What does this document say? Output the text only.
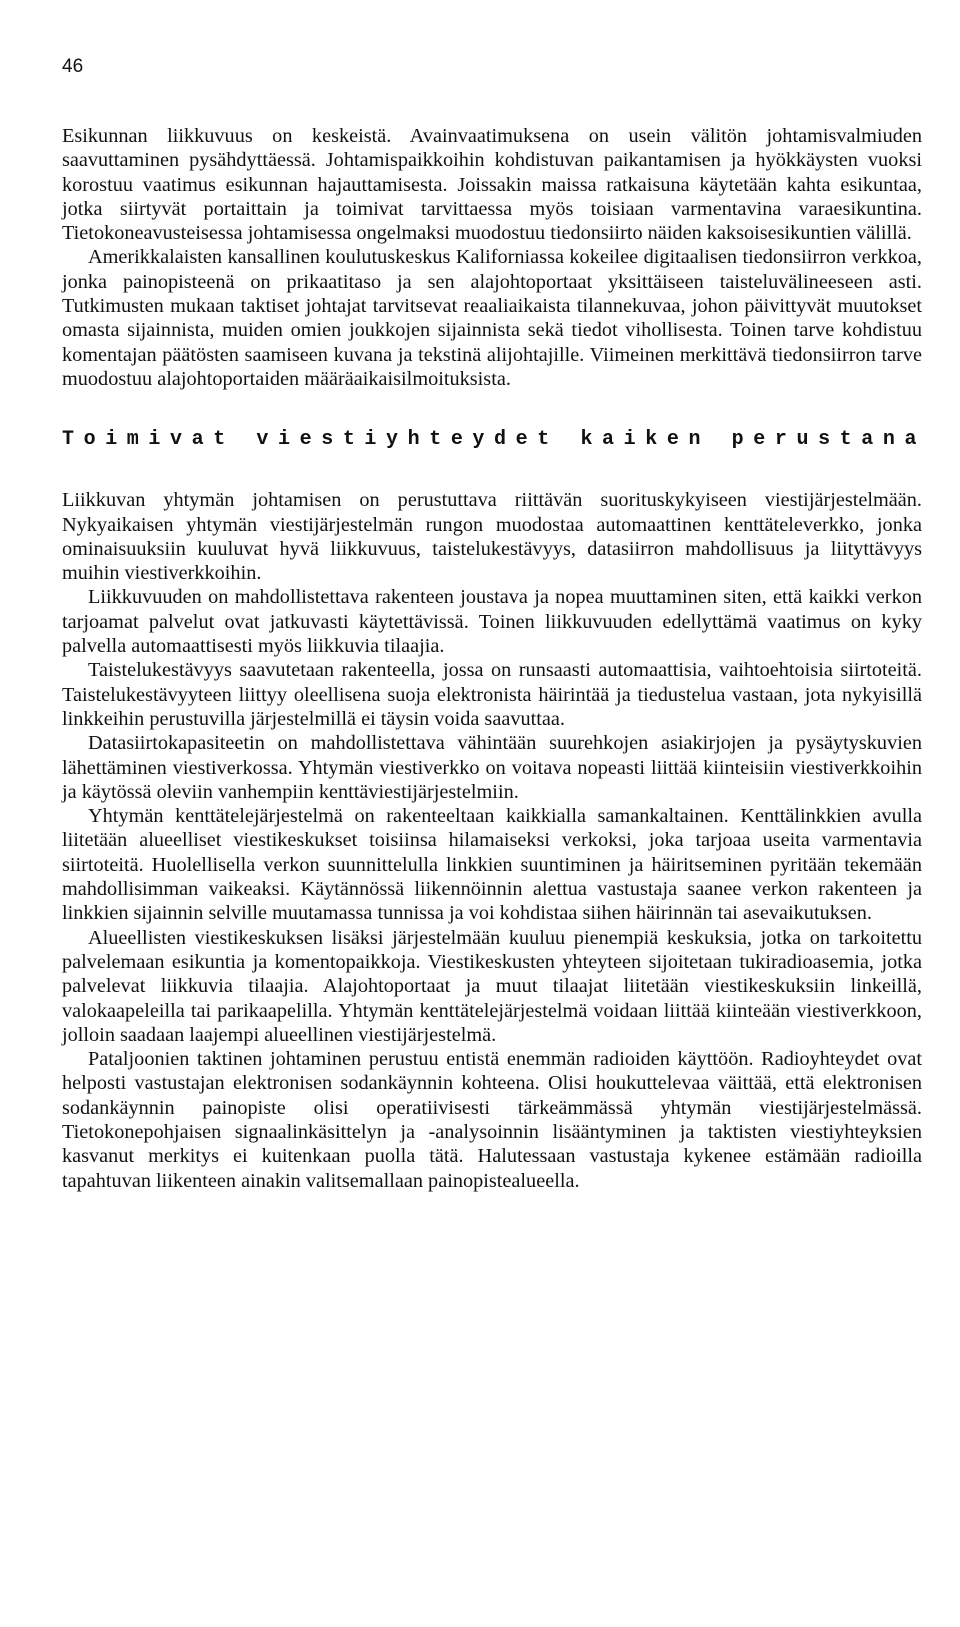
46

Esikunnan liikkuvuus on keskeistä. Avainvaatimuksena on usein välitön johtamisvalmiuden saavuttaminen pysähdyttäessä. Johtamispaikkoihin kohdistuvan paikantamisen ja hyökkäysten vuoksi korostuu vaatimus esikunnan hajauttamisesta. Joissakin maissa ratkaisuna käytetään kahta esikuntaa, jotka siirtyvät portaittain ja toimivat tarvittaessa myös toisiaan varmentavina varaesikuntina. Tietokoneavusteisessa johtamisessa ongelmaksi muodostuu tiedonsiirto näiden kaksoisesikuntien välillä.

Amerikkalaisten kansallinen koulutuskeskus Kaliforniassa kokeilee digitaalisen tiedonsiirron verkkoa, jonka painopisteenä on prikaatitaso ja sen alajohtoportaat yksittäiseen taisteluvälineeseen asti. Tutkimusten mukaan taktiset johtajat tarvitsevat reaaliaikaista tilannekuvaa, johon päivittyvät muutokset omasta sijainnista, muiden omien joukkojen sijainnista sekä tiedot vihollisesta. Toinen tarve kohdistuu komentajan päätösten saamiseen kuvana ja tekstinä alijohtajille. Viimeinen merkittävä tiedonsiirron tarve muodostuu alajohtoportaiden määräaikaisilmoituksista.

Toimivat viestiyhteydet kaiken perustana

Liikkuvan yhtymän johtamisen on perustuttava riittävän suorituskykyiseen viestijärjestelmään. Nykyaikaisen yhtymän viestijärjestelmän rungon muodostaa automaattinen kenttäteleverkko, jonka ominaisuuksiin kuuluvat hyvä liikkuvuus, taistelukestävyys, datasiirron mahdollisuus ja liityttävyys muihin viestiverkkoihin.

Liikkuvuuden on mahdollistettava rakenteen joustava ja nopea muuttaminen siten, että kaikki verkon tarjoamat palvelut ovat jatkuvasti käytettävissä. Toinen liikkuvuuden edellyttämä vaatimus on kyky palvella automaattisesti myös liikkuvia tilaajia.

Taistelukestävyys saavutetaan rakenteella, jossa on runsaasti automaattisia, vaihtoehtoisia siirtoteitä. Taistelukestävyyteen liittyy oleellisena suoja elektronista häirintää ja tiedustelua vastaan, jota nykyisillä linkkeihin perustuvilla järjestelmillä ei täysin voida saavuttaa.

Datasiirtokapasiteetin on mahdollistettava vähintään suurehkojen asiakirjojen ja pysäytyskuvien lähettäminen viestiverkossa. Yhtymän viestiverkko on voitava nopeasti liittää kiinteisiin viestiverkkoihin ja käytössä oleviin vanhempiin kenttäviestijärjestelmiin.

Yhtymän kenttätelejärjestelmä on rakenteeltaan kaikkialla samankaltainen. Kenttälinkkien avulla liitetään alueelliset viestikeskukset toisiinsa hilamaiseksi verkoksi, joka tarjoaa useita varmentavia siirtoteitä. Huolellisella verkon suunnittelulla linkkien suuntiminen ja häiritseminen pyritään tekemään mahdollisimman vaikeaksi. Käytännössä liikennöinnin alettua vastustaja saanee verkon rakenteen ja linkkien sijainnin selville muutamassa tunnissa ja voi kohdistaa siihen häirinnän tai asevaikutuksen.

Alueellisten viestikeskuksen lisäksi järjestelmään kuuluu pienempiä keskuksia, jotka on tarkoitettu palvelemaan esikuntia ja komentopaikkoja. Viestikeskusten yhteyteen sijoitetaan tukiradioasemia, jotka palvelevat liikkuvia tilaajia. Alajohtoportaat ja muut tilaajat liitetään viestikeskuksiin linkeillä, valokaapeleilla tai parikaapelilla. Yhtymän kenttätelejärjestelmä voidaan liittää kiinteään viestiverkkoon, jolloin saadaan laajempi alueellinen viestijärjestelmä.

Pataljoonien taktinen johtaminen perustuu entistä enemmän radioiden käyttöön. Radioyhteydet ovat helposti vastustajan elektronisen sodankäynnin kohteena. Olisi houkuttelevaa väittää, että elektronisen sodankäynnin painopiste olisi operatiivisesti tärkeämmässä yhtymän viestijärjestelmässä. Tietokonepohjaisen signaalinkäsittelyn ja -analysoinnin lisääntyminen ja taktisten viestiyhteyksien kasvanut merkitys ei kuitenkaan puolla tätä. Halutessaan vastustaja kykenee estämään radioilla tapahtuvan liikenteen ainakin valitsemallaan painopistealueella.
